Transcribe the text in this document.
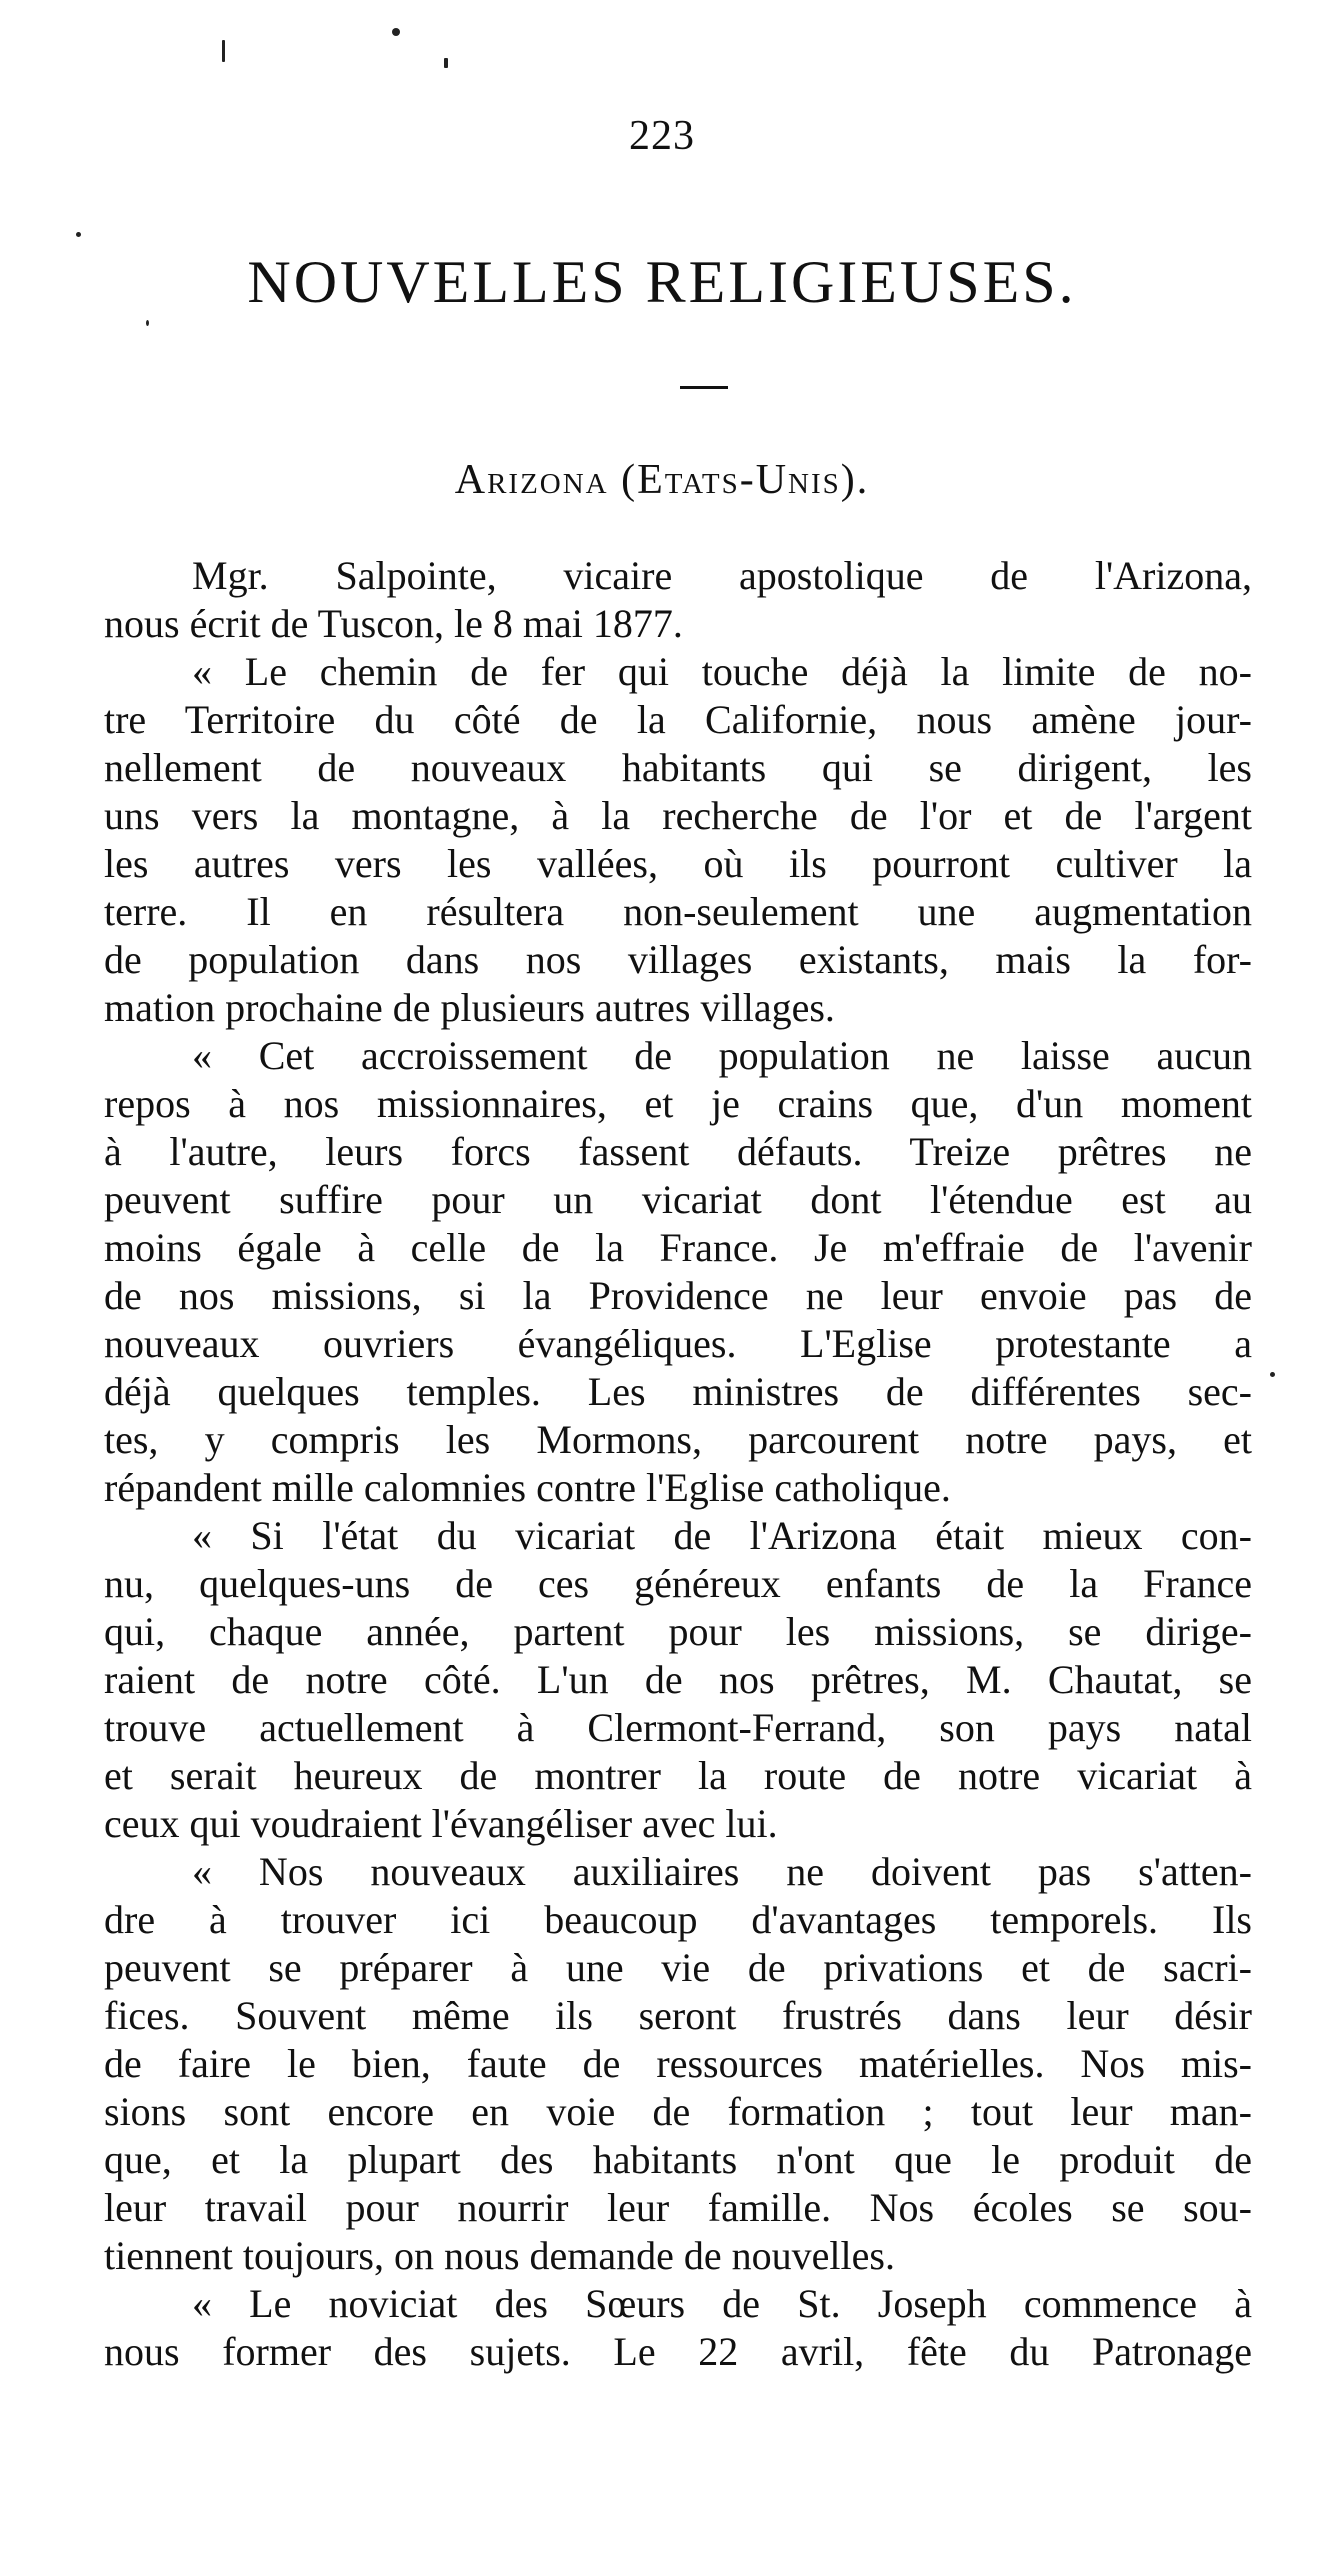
223
NOUVELLES RELIGIEUSES.
Arizona (Etats-Unis).
Mgr. Salpointe, vicaire apostolique de l'Arizona,
nous écrit de Tuscon, le 8 mai 1877.
« Le chemin de fer qui touche déjà la limite de no-
tre Territoire du côté de la Californie, nous amène jour-
nellement de nouveaux habitants qui se dirigent, les
uns vers la montagne, à la recherche de l'or et de l'argent
les autres vers les vallées, où ils pourront cultiver la
terre. Il en résultera non-seulement une augmentation
de population dans nos villages existants, mais la for-
mation prochaine de plusieurs autres villages.
« Cet accroissement de population ne laisse aucun
repos à nos missionnaires, et je crains que, d'un moment
à l'autre, leurs forcs fassent défauts. Treize prêtres ne
peuvent suffire pour un vicariat dont l'étendue est au
moins égale à celle de la France. Je m'effraie de l'avenir
de nos missions, si la Providence ne leur envoie pas de
nouveaux ouvriers évangéliques. L'Eglise protestante a
déjà quelques temples. Les ministres de différentes sec-
tes, y compris les Mormons, parcourent notre pays, et
répandent mille calomnies contre l'Eglise catholique.
« Si l'état du vicariat de l'Arizona était mieux con-
nu, quelques-uns de ces généreux enfants de la France
qui, chaque année, partent pour les missions, se dirige-
raient de notre côté. L'un de nos prêtres, M. Chautat, se
trouve actuellement à Clermont-Ferrand, son pays natal
et serait heureux de montrer la route de notre vicariat à
ceux qui voudraient l'évangéliser avec lui.
« Nos nouveaux auxiliaires ne doivent pas s'atten-
dre à trouver ici beaucoup d'avantages temporels. Ils
peuvent se préparer à une vie de privations et de sacri-
fices. Souvent même ils seront frustrés dans leur désir
de faire le bien, faute de ressources matérielles. Nos mis-
sions sont encore en voie de formation ; tout leur man-
que, et la plupart des habitants n'ont que le produit de
leur travail pour nourrir leur famille. Nos écoles se sou-
tiennent toujours, on nous demande de nouvelles.
« Le noviciat des Sœurs de St. Joseph commence à
nous former des sujets. Le 22 avril, fête du Patronage
